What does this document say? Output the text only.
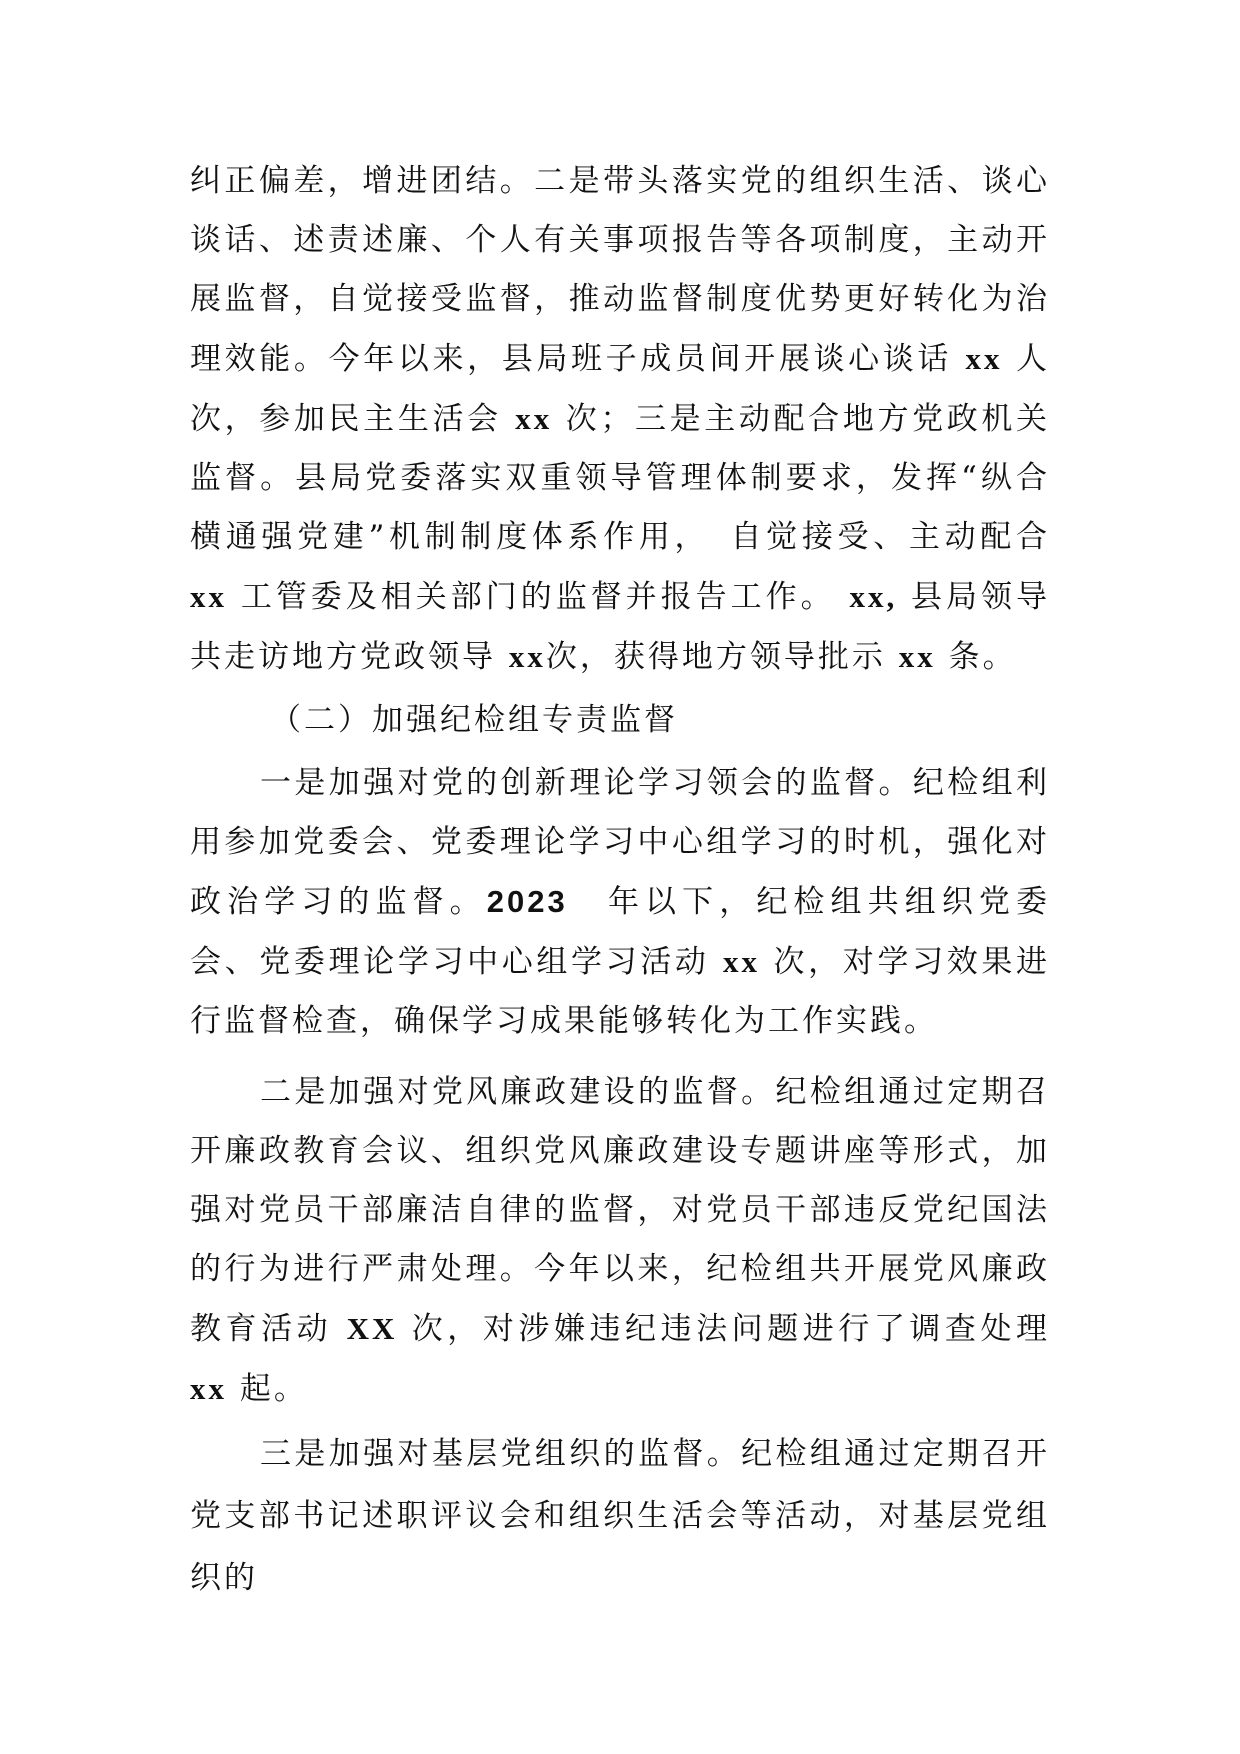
纠正偏差，增进团结。二是带头落实党的组织生活、谈心谈话、述责述廉、个人有关事项报告等各项制度，主动开展监督，自觉接受监督，推动监督制度优势更好转化为治理效能。今年以来，县局班子成员间开展谈心谈话 xx 人次，参加民主生活会 xx 次；三是主动配合地方党政机关监督。县局党委落实双重领导管理体制要求，发挥“纵合横通强党建”机制制度体系作用，　自觉接受、主动配合 xx 工管委及相关部门的监督并报告工作。 xx, 县局领导共走访地方党政领导 xx次，获得地方领导批示 xx 条。

（二）加强纪检组专责监督

一是加强对党的创新理论学习领会的监督。纪检组利用参加党委会、党委理论学习中心组学习的时机，强化对政治学习的监督。2023　年以下，纪检组共组织党委会、党委理论学习中心组学习活动 xx 次，对学习效果进行监督检查，确保学习成果能够转化为工作实践。

二是加强对党风廉政建设的监督。纪检组通过定期召开廉政教育会议、组织党风廉政建设专题讲座等形式，加强对党员干部廉洁自律的监督，对党员干部违反党纪国法的行为进行严肃处理。今年以来，纪检组共开展党风廉政教育活动 XX 次，对涉嫌违纪违法问题进行了调查处理 xx 起。

三是加强对基层党组织的监督。纪检组通过定期召开党支部书记述职评议会和组织生活会等活动，对基层党组织的
